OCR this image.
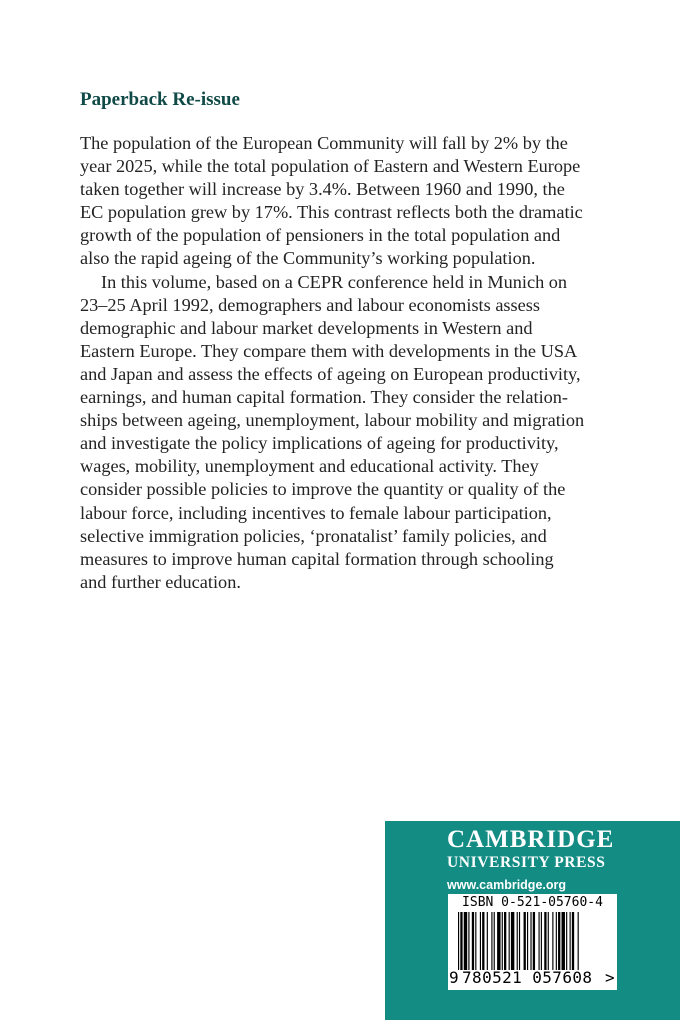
Paperback Re-issue
The population of the European Community will fall by 2% by the
year 2025, while the total population of Eastern and Western Europe
taken together will increase by 3.4%. Between 1960 and 1990, the
EC population grew by 17%. This contrast reflects both the dramatic
growth of the population of pensioners in the total population and
also the rapid ageing of the Community’s working population.
In this volume, based on a CEPR conference held in Munich on
23–25 April 1992, demographers and labour economists assess
demographic and labour market developments in Western and
Eastern Europe. They compare them with developments in the USA
and Japan and assess the effects of ageing on European productivity,
earnings, and human capital formation. They consider the relation-
ships between ageing, unemployment, labour mobility and migration
and investigate the policy implications of ageing for productivity,
wages, mobility, unemployment and educational activity. They
consider possible policies to improve the quantity or quality of the
labour force, including incentives to female labour participation,
selective immigration policies, ‘pronatalist’ family policies, and
measures to improve human capital formation through schooling
and further education.
CAMBRIDGE
UNIVERSITY PRESS
www.cambridge.org
ISBN 0-521-05760-4
9 780521 057608 >
